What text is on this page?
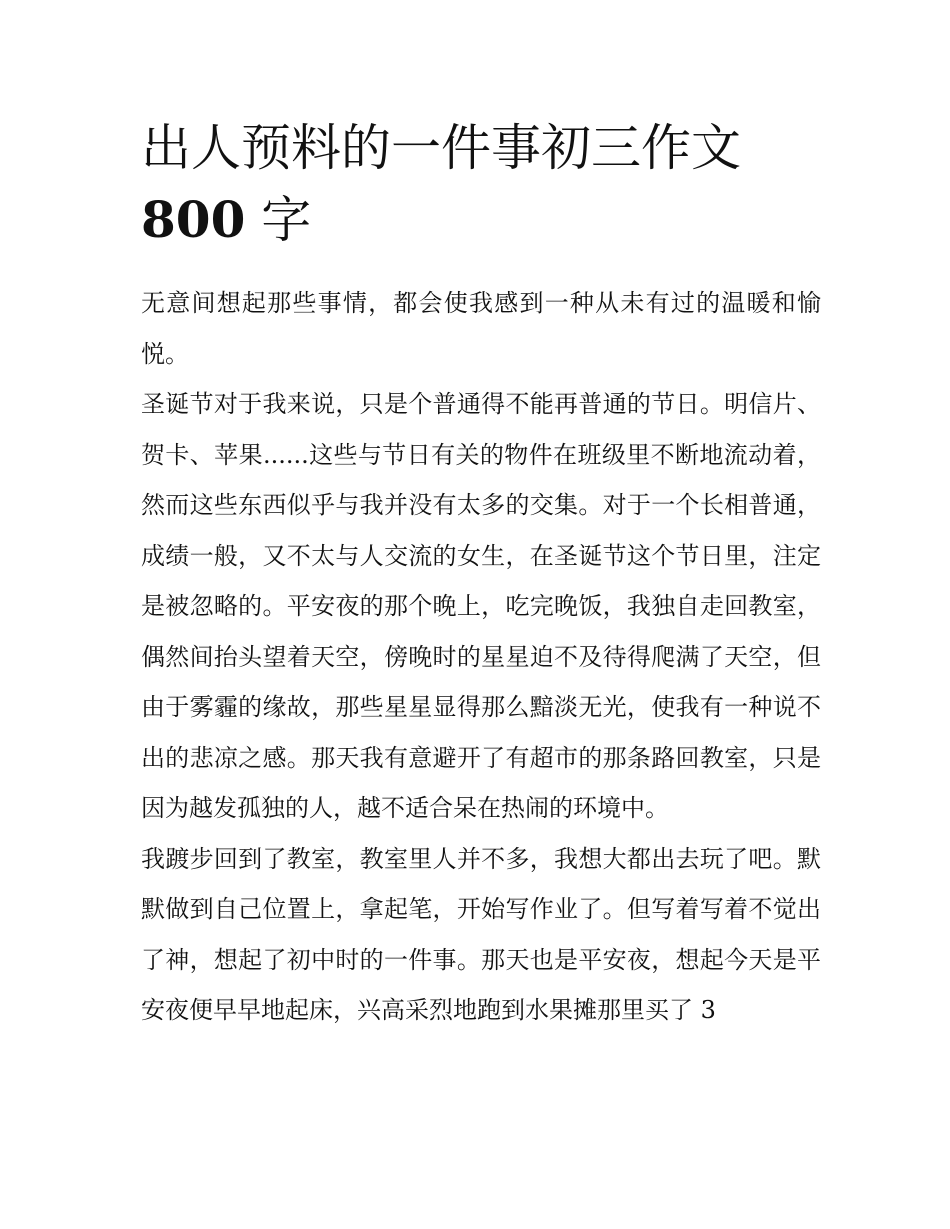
出人预料的一件事初三作文
800 字

无意间想起那些事情，都会使我感到一种从未有过的温暖和愉悦。

圣诞节对于我来说，只是个普通得不能再普通的节日。明信片、贺卡、苹果......这些与节日有关的物件在班级里不断地流动着，然而这些东西似乎与我并没有太多的交集。对于一个长相普通，成绩一般，又不太与人交流的女生，在圣诞节这个节日里，注定是被忽略的。平安夜的那个晚上，吃完晚饭，我独自走回教室，偶然间抬头望着天空，傍晚时的星星迫不及待得爬满了天空，但由于雾霾的缘故，那些星星显得那么黯淡无光，使我有一种说不出的悲凉之感。那天我有意避开了有超市的那条路回教室，只是因为越发孤独的人，越不适合呆在热闹的环境中。

我踱步回到了教室，教室里人并不多，我想大都出去玩了吧。默默做到自己位置上，拿起笔，开始写作业了。但写着写着不觉出了神，想起了初中时的一件事。那天也是平安夜，想起今天是平安夜便早早地起床，兴高采烈地跑到水果摊那里买了 3
